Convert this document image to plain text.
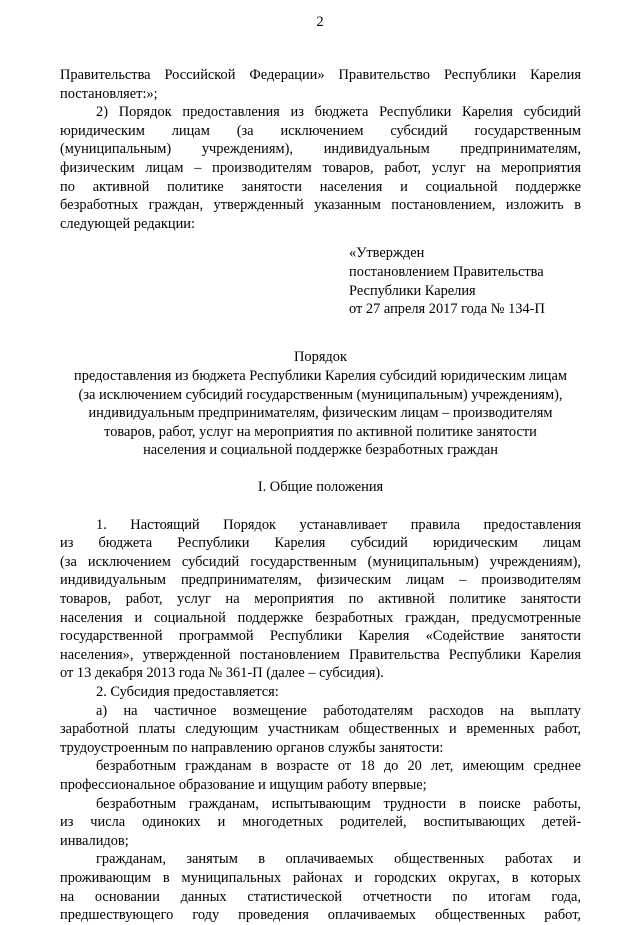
2
Правительства Российской Федерации» Правительство Республики Карелия
постановляет:»;
2) Порядок предоставления из бюджета Республики Карелия субсидий
юридическим лицам (за исключением субсидий государственным
(муниципальным) учреждениям), индивидуальным предпринимателям,
физическим лицам – производителям товаров, работ, услуг на мероприятия
по активной политике занятости населения и социальной поддержке
безработных граждан, утвержденный указанным постановлением, изложить в
следующей редакции:
«Утвержден
постановлением Правительства
Республики Карелия
от 27 апреля 2017 года № 134-П
Порядок
предоставления из бюджета Республики Карелия субсидий юридическим лицам
(за исключением субсидий государственным (муниципальным) учреждениям),
индивидуальным предпринимателям, физическим лицам – производителям
товаров, работ, услуг на мероприятия по активной политике занятости
населения и социальной поддержке безработных граждан
I. Общие положения
1. Настоящий Порядок устанавливает правила предоставления
из бюджета Республики Карелия субсидий юридическим лицам
(за исключением субсидий государственным (муниципальным) учреждениям),
индивидуальным предпринимателям, физическим лицам – производителям
товаров, работ, услуг на мероприятия по активной политике занятости
населения и социальной поддержке безработных граждан, предусмотренные
государственной программой Республики Карелия «Содействие занятости
населения», утвержденной постановлением Правительства Республики Карелия
от 13 декабря 2013 года № 361-П (далее – субсидия).
2. Субсидия предоставляется:
а) на частичное возмещение работодателям расходов на выплату
заработной платы следующим участникам общественных и временных работ,
трудоустроенным по направлению органов службы занятости:
безработным гражданам в возрасте от 18 до 20 лет, имеющим среднее
профессиональное образование и ищущим работу впервые;
безработным гражданам, испытывающим трудности в поиске работы,
из числа одиноких и многодетных родителей, воспитывающих детей-
инвалидов;
гражданам, занятым в оплачиваемых общественных работах и
проживающим в муниципальных районах и городских округах, в которых
на основании данных статистической отчетности по итогам года,
предшествующего году проведения оплачиваемых общественных работ,
